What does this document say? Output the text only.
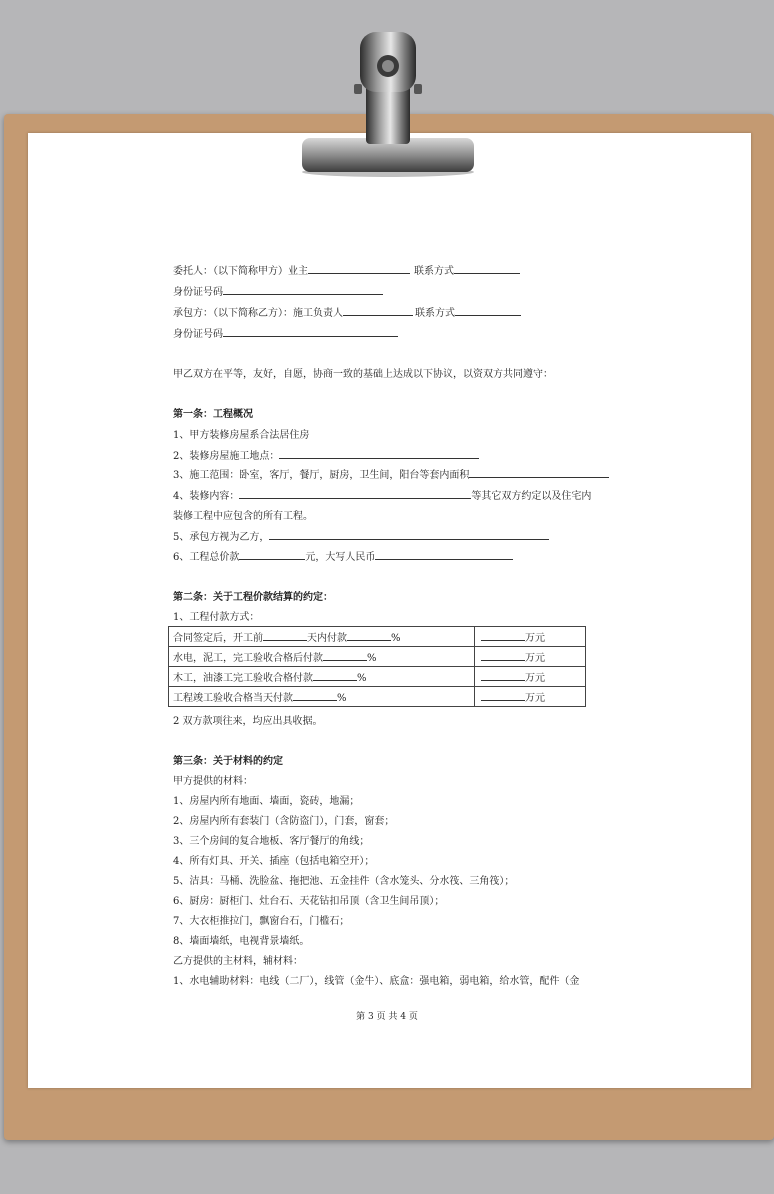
委托人：（以下简称甲方）业主	联系方式
身份证号码
承包方：（以下简称乙方）：施工负责人	联系方式
身份证号码
甲乙双方在平等，友好，自愿，协商一致的基础上达成以下协议，以资双方共同遵守：
第一条：工程概况
1、甲方装修房屋系合法居住房
2、装修房屋施工地点：
3、施工范围：卧室，客厅，餐厅，厨房，卫生间，阳台等套内面积
4、装修内容：	等其它双方约定以及住宅内
装修工程中应包含的所有工程。
5、承包方视为乙方，
6、工程总价款	元，大写人民币
第二条：关于工程价款结算的约定：
1、工程付款方式：
合同签定后，开工前 天内付款 %	万元
水电，泥工，完工验收合格后付款 %	万元
木工，油漆工完工验收合格付款 %	万元
工程竣工验收合格当天付款 %	万元
2 双方款项往来，均应出具收据。
第三条：关于材料的约定
甲方提供的材料：
1、房屋内所有地面、墙面，瓷砖，地漏；
2、房屋内所有套装门（含防盗门），门套，窗套；
3、三个房间的复合地板、客厅餐厅的角线；
4、所有灯具、开关、插座（包括电箱空开）；
5、洁具：马桶、洗脸盆、拖把池、五金挂件（含水笼头、分水筏、三角筏）；
6、厨房：厨柜门、灶台石、天花钻扣吊顶（含卫生间吊顶）；
7、大衣柜推拉门，飘窗台石，门槛石；
8、墙面墙纸，电视背景墙纸。
乙方提供的主材料，辅材料：
1、水电辅助材料：电线（二厂），线管（金牛）、底盒：强电箱，弱电箱，给水管，配件（金
第 3 页 共 4 页
